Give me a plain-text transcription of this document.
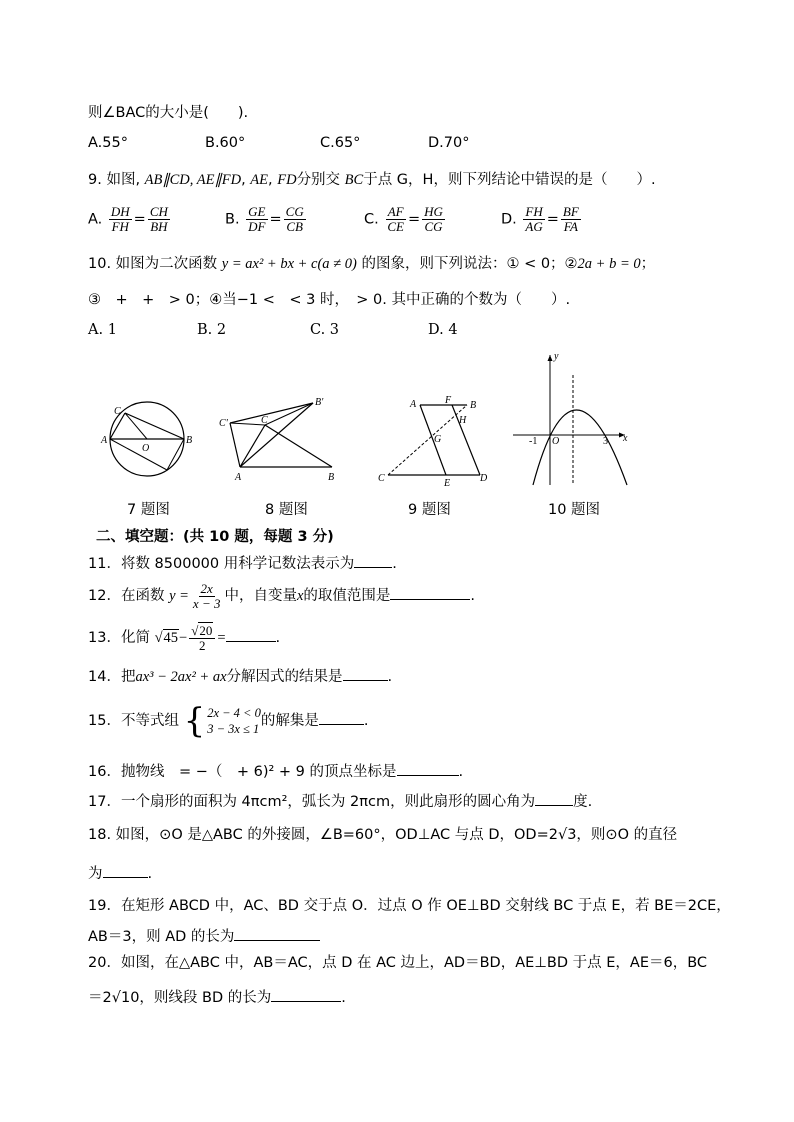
则∠BAC的大小是(　　).
A.55°	B.60°	C.65°	D.70°
9. 如图, AB∥CD, AE∥FD, AE, FD分别交 BC于点 G，H，则下列结论中错误的是（　　）.
A. $\frac{DH}{FH} = \frac{CH}{BH}$	B. $\frac{GE}{DF} = \frac{CG}{CB}$	C. $\frac{AF}{CE} = \frac{HG}{CG}$	D. $\frac{FH}{AG} = \frac{BF}{FA}$
10. 如图为二次函数 y = ax² + bx + c(a ≠ 0) 的图象，则下列说法：① < 0；②2a + b = 0；
③　+　+　> 0；④当−1 <　< 3 时，　> 0. 其中正确的个数为（　　）.
A. 1	B. 2	C. 3	D. 4
C
A
O
B
C'	C
B'
A	B
A	F B
H
G
C	E	D
y
x
-1 O	3
7 题图	8 题图	9 题图	10 题图
二、填空题：(共 10 题，每题 3 分)
11．将数 8500000 用科学记数法表示为	.
12．在函数 $y = \frac{2x}{x - 3}$ 中，自变量x的取值范围是	.
13．化简 $√45- \frac{√20}{2}$ =	.
14．把ax³ − 2ax² + ax分解因式的结果是	.
15．不等式组 { 2x − 4 < 0
3 − 3x ≤ 1 的解集是	.
16．抛物线　= −（　+ 6)² + 9 的顶点坐标是	.
17．一个扇形的面积为 4πcm²，弧长为 2πcm，则此扇形的圆心角为	度.
18. 如图，⊙O 是△ABC 的外接圆，∠B=60°，OD⊥AC 与点 D，OD=2√3，则⊙O 的直径
为	.
19．在矩形 ABCD 中，AC、BD 交于点 O．过点 O 作 OE⊥BD 交射线 BC 于点 E，若 BE＝2CE，
AB＝3，则 AD 的长为
20．如图，在△ABC 中，AB＝AC，点 D 在 AC 边上，AD＝BD，AE⊥BD 于点 E，AE＝6，BC
＝2√10，则线段 BD 的长为	.
